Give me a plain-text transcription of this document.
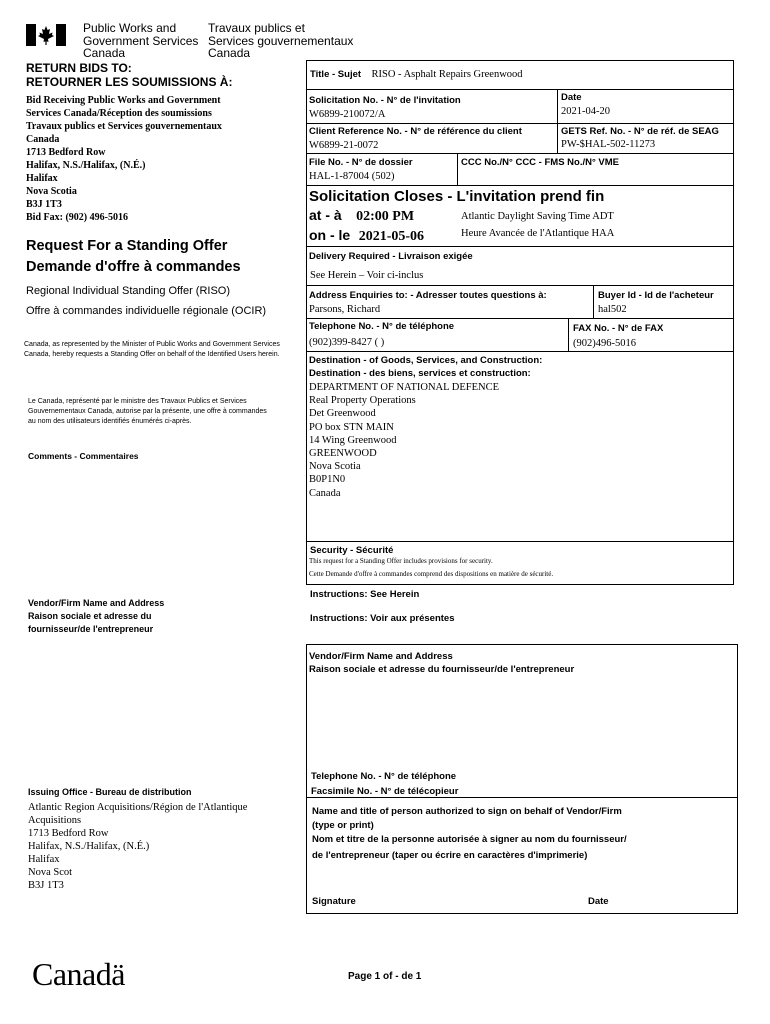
Public Works and
Government Services
Canada
Travaux publics et
Services gouvernementaux
Canada
RETURN BIDS TO:
RETOURNER LES SOUMISSIONS À:
Bid Receiving Public Works and Government
Services Canada/Réception des soumissions
Travaux publics et Services gouvernementaux
Canada
1713 Bedford Row
Halifax, N.S./Halifax, (N.É.)
Halifax
Nova Scotia
B3J 1T3
Bid Fax: (902) 496-5016
Request For a Standing Offer
Demande d'offre à commandes
Regional Individual Standing Offer (RISO)
Offre à commandes individuelle régionale (OCIR)
Canada, as represented by the Minister of Public Works and Government Services Canada, hereby requests a Standing Offer on behalf of the Identified Users herein.
Le Canada, représenté par le ministre des Travaux Publics et Services Gouvernementaux Canada, autorise par la présente, une offre à commandes au nom des utilisateurs identifiés énumérés ci-après.
Comments - Commentaires
Vendor/Firm Name and Address
Raison sociale et adresse du
fournisseur/de l'entrepreneur
Issuing Office - Bureau de distribution
Atlantic Region Acquisitions/Région de l'Atlantique
Acquisitions
1713 Bedford Row
Halifax, N.S./Halifax, (N.É.)
Halifax
Nova Scot
B3J 1T3
Title - Sujet RISO - Asphalt Repairs Greenwood
Solicitation No. - N° de l'invitation
W6899-210072/A
Date
2021-04-20
Client Reference No. - N° de référence du client
W6899-21-0072
GETS Ref. No. - N° de réf. de SEAG
PW-$HAL-502-11273
File No. - N° de dossier
HAL-1-87004 (502)
CCC No./N° CCC - FMS No./N° VME
Solicitation Closes - L'invitation prend fin
at - à 02:00 PM
on - le 2021-05-06
Atlantic Daylight Saving Time ADT
Heure Avancée de l'Atlantique HAA
Delivery Required - Livraison exigée
See Herein – Voir ci-inclus
Address Enquiries to: - Adresser toutes questions à:
Parsons, Richard
Buyer Id - Id de l'acheteur
hal502
Telephone No. - N° de téléphone
(902)399-8427 ( )
FAX No. - N° de FAX
(902)496-5016
Destination - of Goods, Services, and Construction:
Destination - des biens, services et construction:
DEPARTMENT OF NATIONAL DEFENCE
Real Property Operations
Det Greenwood
PO box STN MAIN
14 Wing Greenwood
GREENWOOD
Nova Scotia
B0P1N0
Canada
Security - Sécurité
This request for a Standing Offer includes provisions for security.
Cette Demande d'offre à commandes comprend des dispositions en matière de sécurité.
Instructions: See Herein
Instructions: Voir aux présentes
Vendor/Firm Name and Address
Raison sociale et adresse du fournisseur/de l'entrepreneur
Telephone No. - N° de téléphone
Facsimile No. - N° de télécopieur
Name and title of person authorized to sign on behalf of Vendor/Firm
(type or print)
Nom et titre de la personne autorisée à signer au nom du fournisseur/
de l'entrepreneur (taper ou écrire en caractères d'imprimerie)
Signature	Date
Canadä	Page 1 of - de 1
